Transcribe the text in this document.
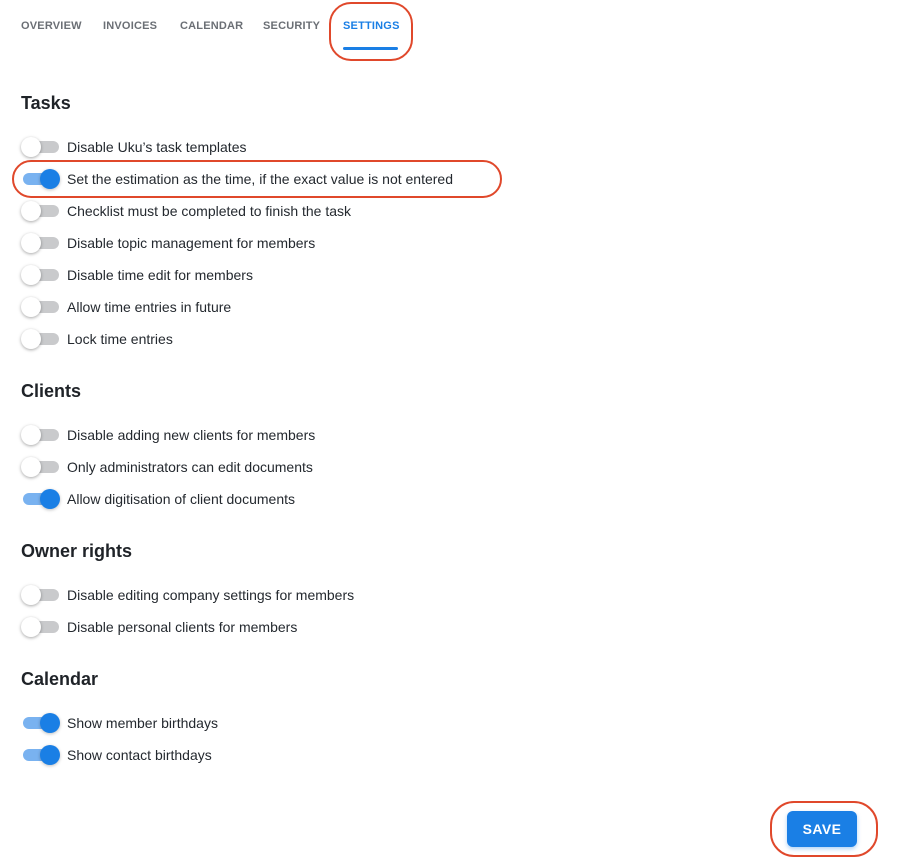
OVERVIEW INVOICES CALENDAR SECURITY SETTINGS
Tasks
Disable Uku’s task templates
Set the estimation as the time, if the exact value is not entered
Checklist must be completed to finish the task
Disable topic management for members
Disable time edit for members
Allow time entries in future
Lock time entries
Clients
Disable adding new clients for members
Only administrators can edit documents
Allow digitisation of client documents
Owner rights
Disable editing company settings for members
Disable personal clients for members
Calendar
Show member birthdays
Show contact birthdays
SAVE
